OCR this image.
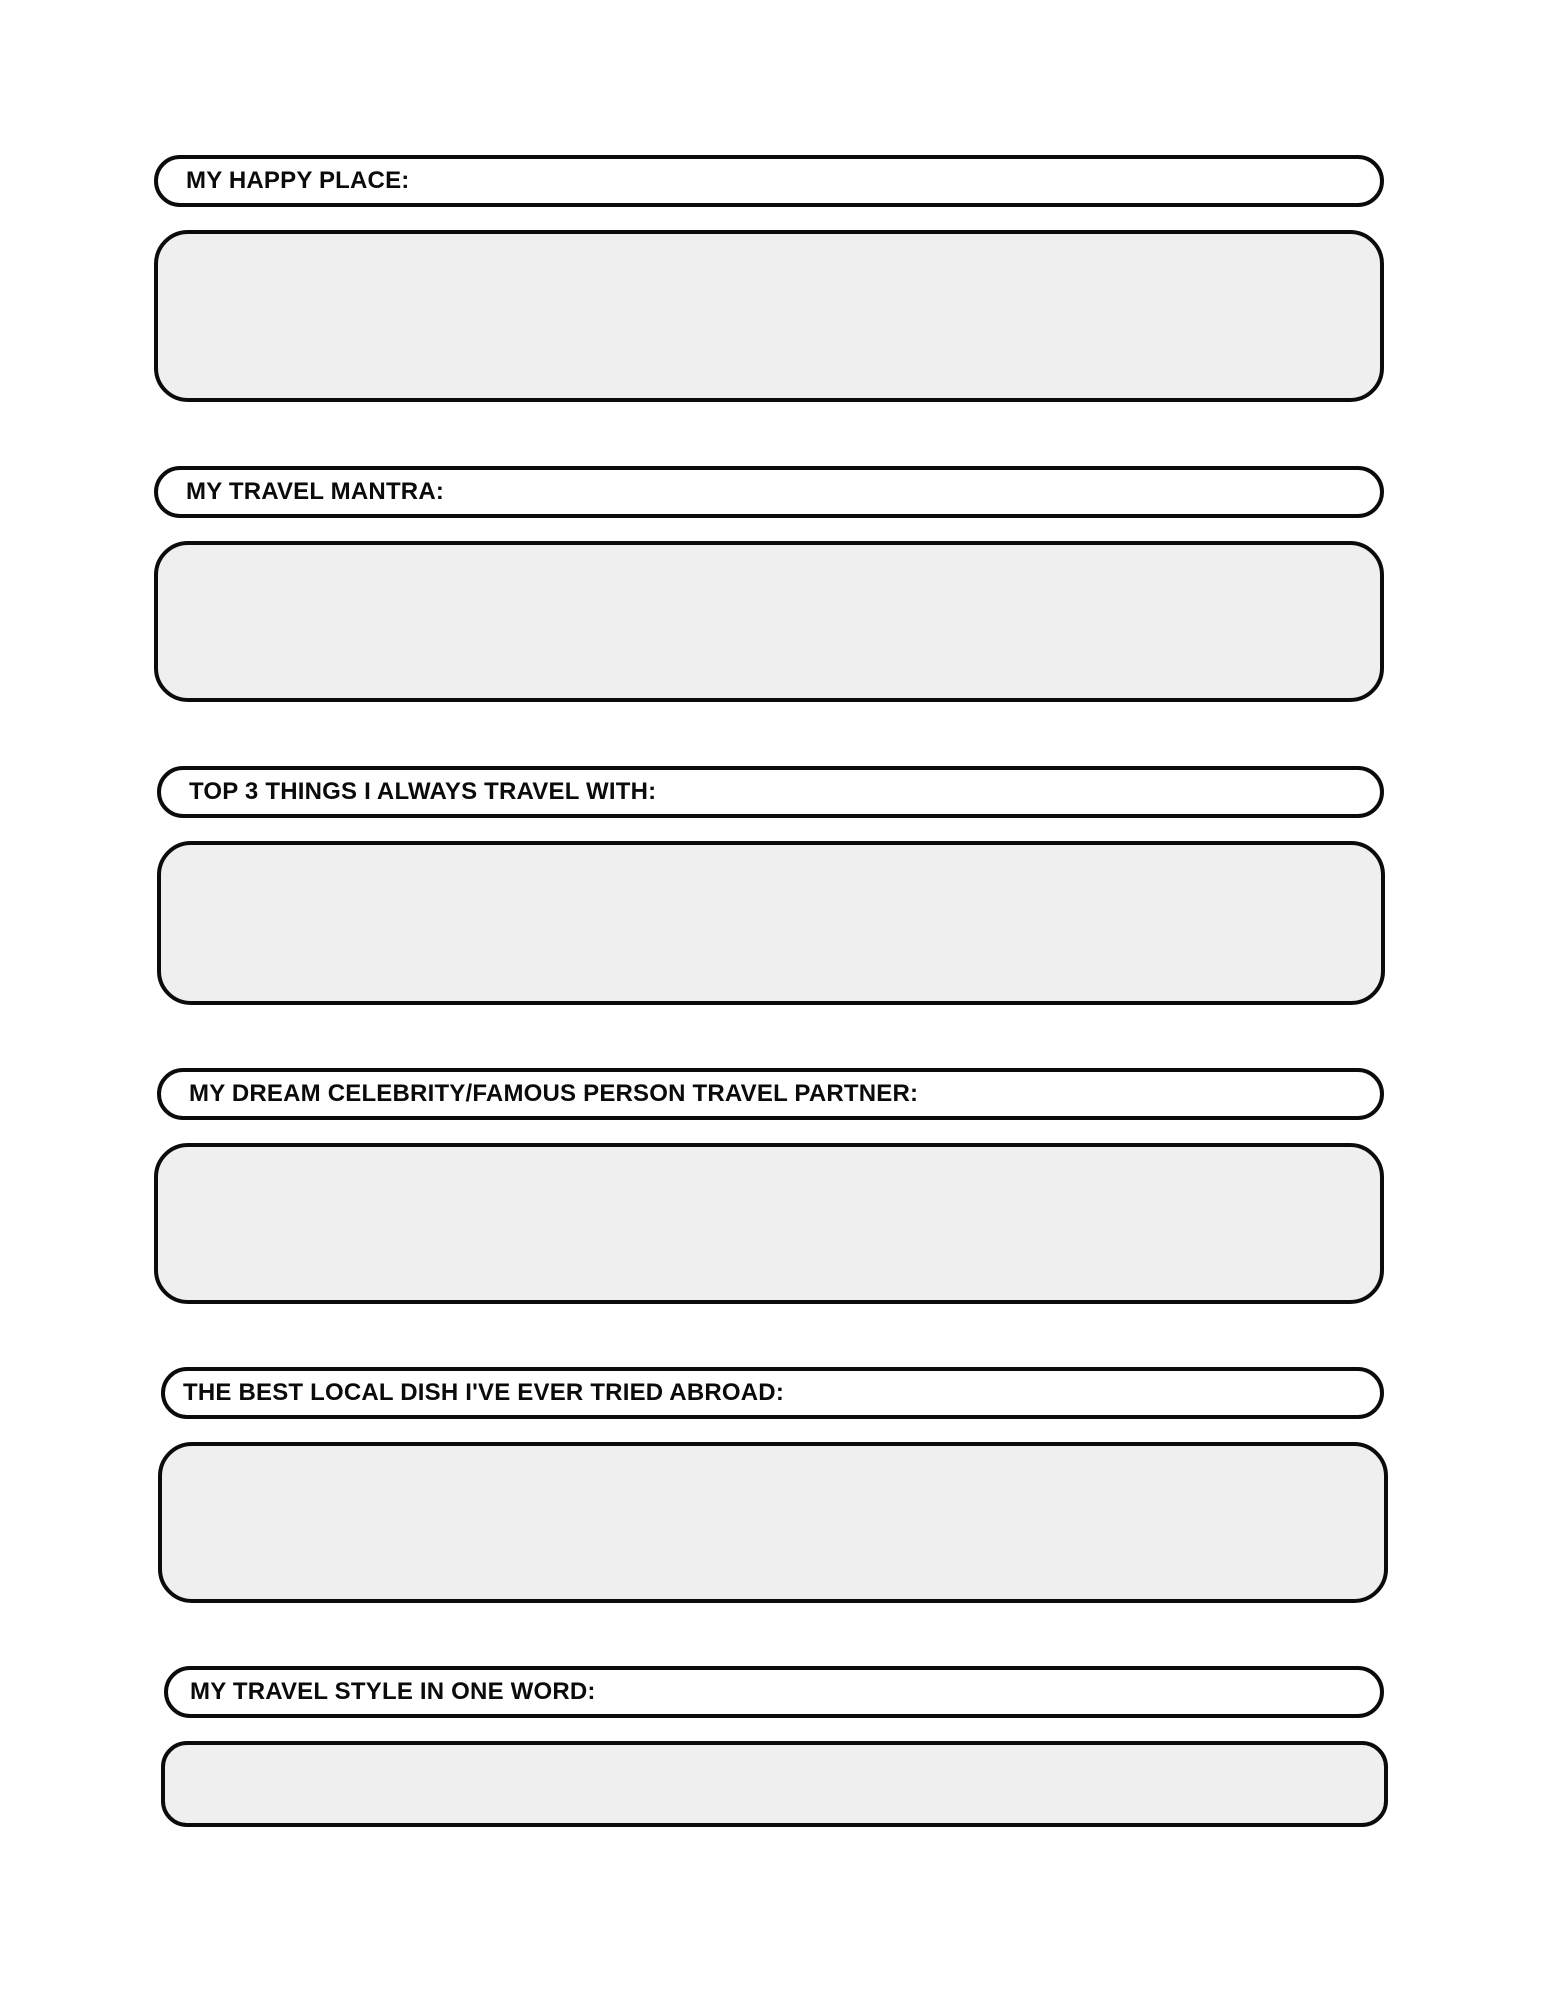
MY HAPPY PLACE:
MY TRAVEL MANTRA:
TOP 3 THINGS I ALWAYS TRAVEL WITH:
MY DREAM CELEBRITY/FAMOUS PERSON TRAVEL PARTNER:
THE BEST LOCAL DISH I'VE EVER TRIED ABROAD:
MY TRAVEL STYLE IN ONE WORD:
